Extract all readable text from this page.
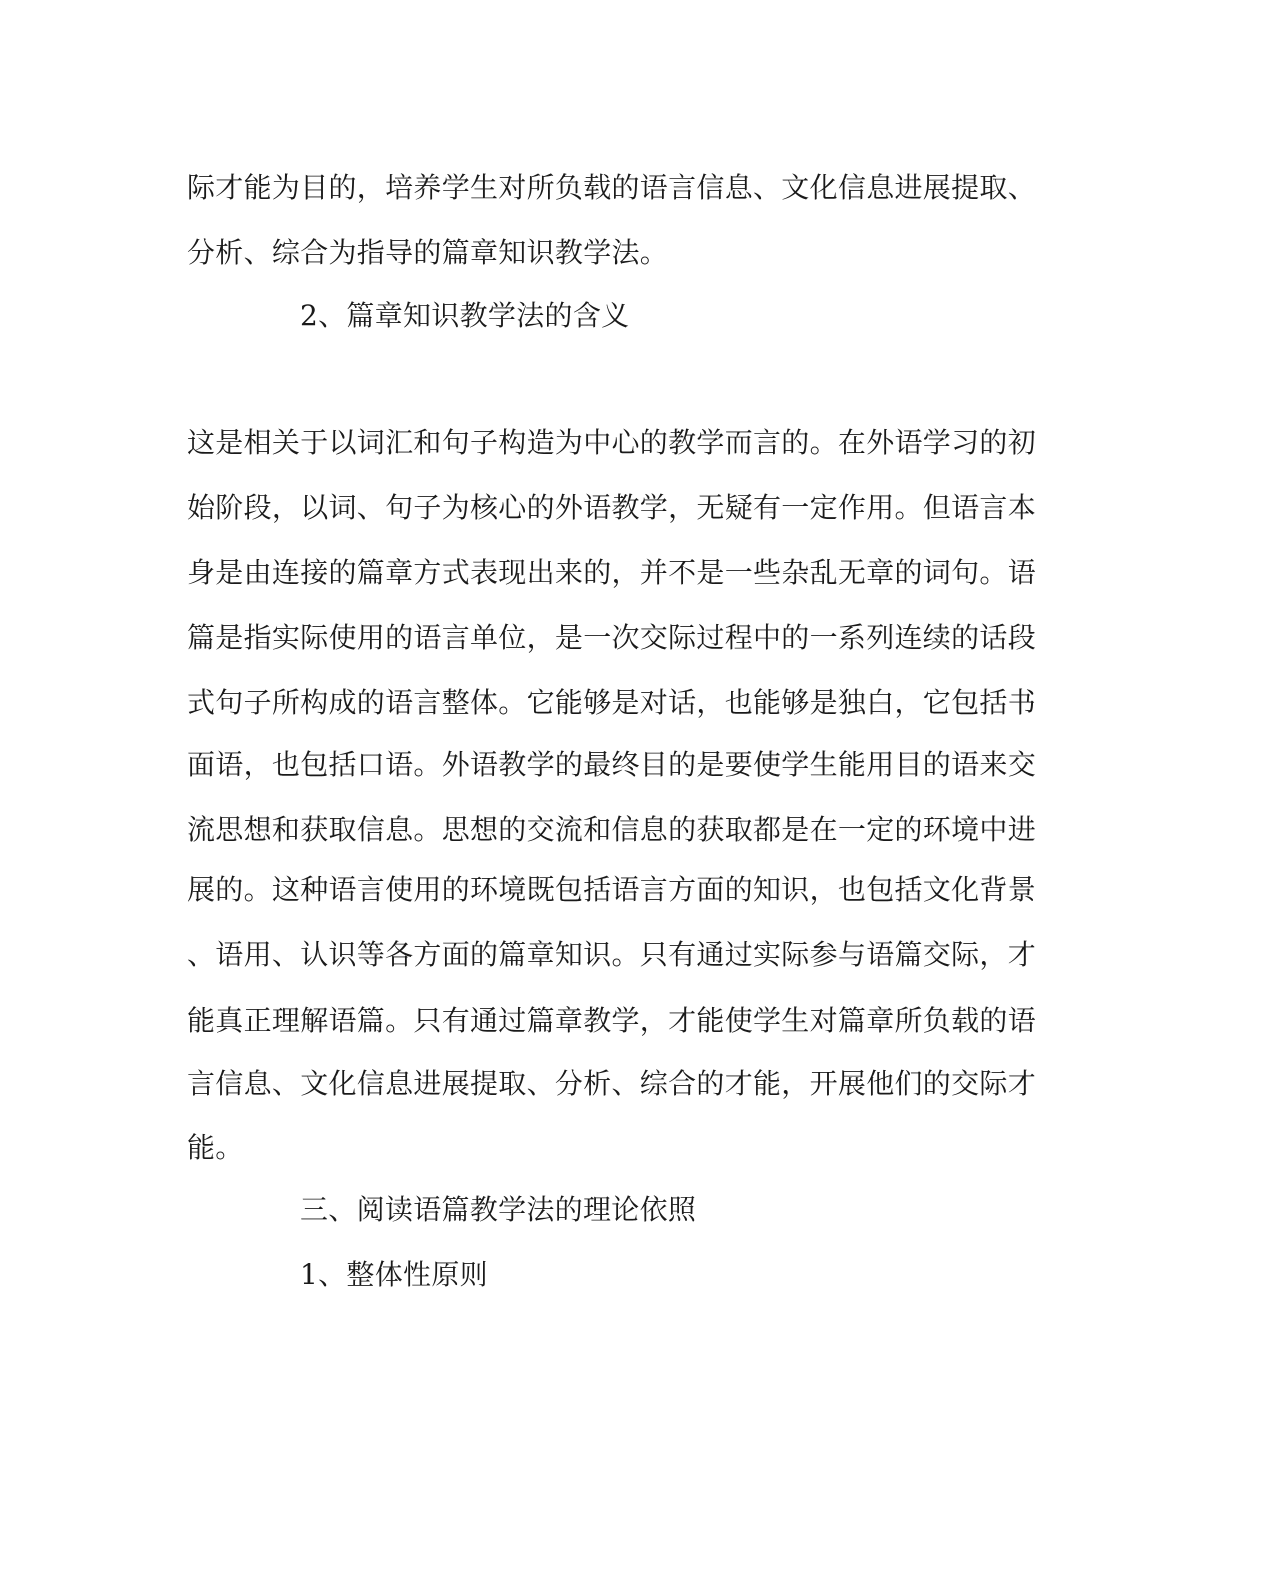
际才能为目的，培养学生对所负载的语言信息、文化信息进展提取、
分析、综合为指导的篇章知识教学法。
2、篇章知识教学法的含义
这是相关于以词汇和句子构造为中心的教学而言的。在外语学习的初
始阶段，以词、句子为核心的外语教学，无疑有一定作用。但语言本
身是由连接的篇章方式表现出来的，并不是一些杂乱无章的词句。语
篇是指实际使用的语言单位，是一次交际过程中的一系列连续的话段
式句子所构成的语言整体。它能够是对话，也能够是独白，它包括书
面语，也包括口语。外语教学的最终目的是要使学生能用目的语来交
流思想和获取信息。思想的交流和信息的获取都是在一定的环境中进
展的。这种语言使用的环境既包括语言方面的知识，也包括文化背景
、语用、认识等各方面的篇章知识。只有通过实际参与语篇交际，才
能真正理解语篇。只有通过篇章教学，才能使学生对篇章所负载的语
言信息、文化信息进展提取、分析、综合的才能，开展他们的交际才
能。
三、阅读语篇教学法的理论依照
1、整体性原则
